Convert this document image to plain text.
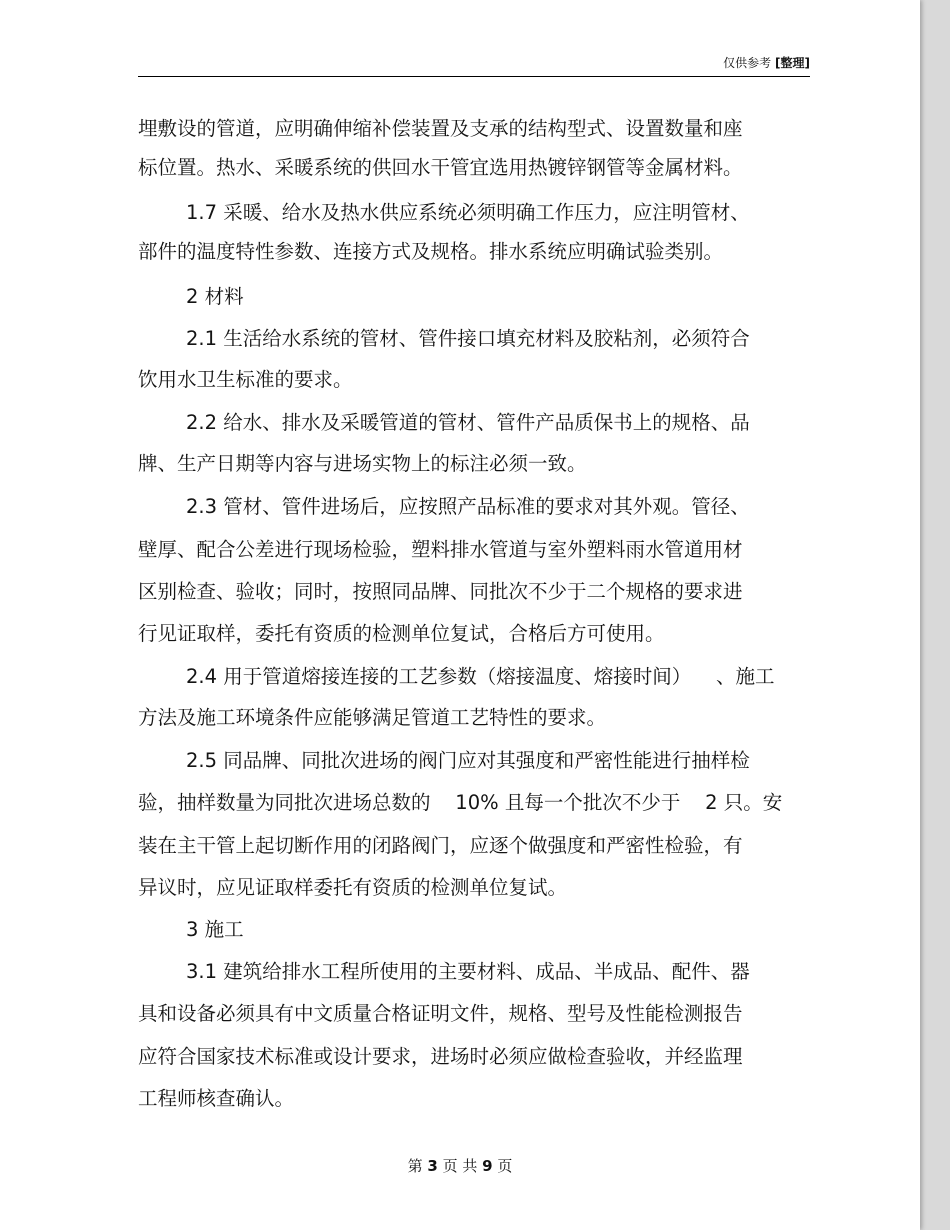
仅供参考 [整理]
埋敷设的管道，应明确伸缩补偿装置及支承的结构型式、设置数量和座
标位置。热水、采暖系统的供回水干管宜选用热镀锌钢管等金属材料。
1.7 采暖、给水及热水供应系统必须明确工作压力，应注明管材、
部件的温度特性参数、连接方式及规格。排水系统应明确试验类别。
2 材料
2.1 生活给水系统的管材、管件接口填充材料及胶粘剂，必须符合
饮用水卫生标准的要求。
2.2 给水、排水及采暖管道的管材、管件产品质保书上的规格、品
牌、生产日期等内容与进场实物上的标注必须一致。
2.3 管材、管件进场后，应按照产品标准的要求对其外观。管径、
壁厚、配合公差进行现场检验，塑料排水管道与室外塑料雨水管道用材
区别检查、验收；同时，按照同品牌、同批次不少于二个规格的要求进
行见证取样，委托有资质的检测单位复试，合格后方可使用。
2.4 用于管道熔接连接的工艺参数（熔接温度、熔接时间）    、施工
方法及施工环境条件应能够满足管道工艺特性的要求。
2.5 同品牌、同批次进场的阀门应对其强度和严密性能进行抽样检
验，抽样数量为同批次进场总数的    10% 且每一个批次不少于    2 只。安
装在主干管上起切断作用的闭路阀门，应逐个做强度和严密性检验，有
异议时，应见证取样委托有资质的检测单位复试。
3 施工
3.1 建筑给排水工程所使用的主要材料、成品、半成品、配件、器
具和设备必须具有中文质量合格证明文件，规格、型号及性能检测报告
应符合国家技术标准或设计要求，进场时必须应做检查验收，并经监理
工程师核查确认。
第 3 页 共 9 页
